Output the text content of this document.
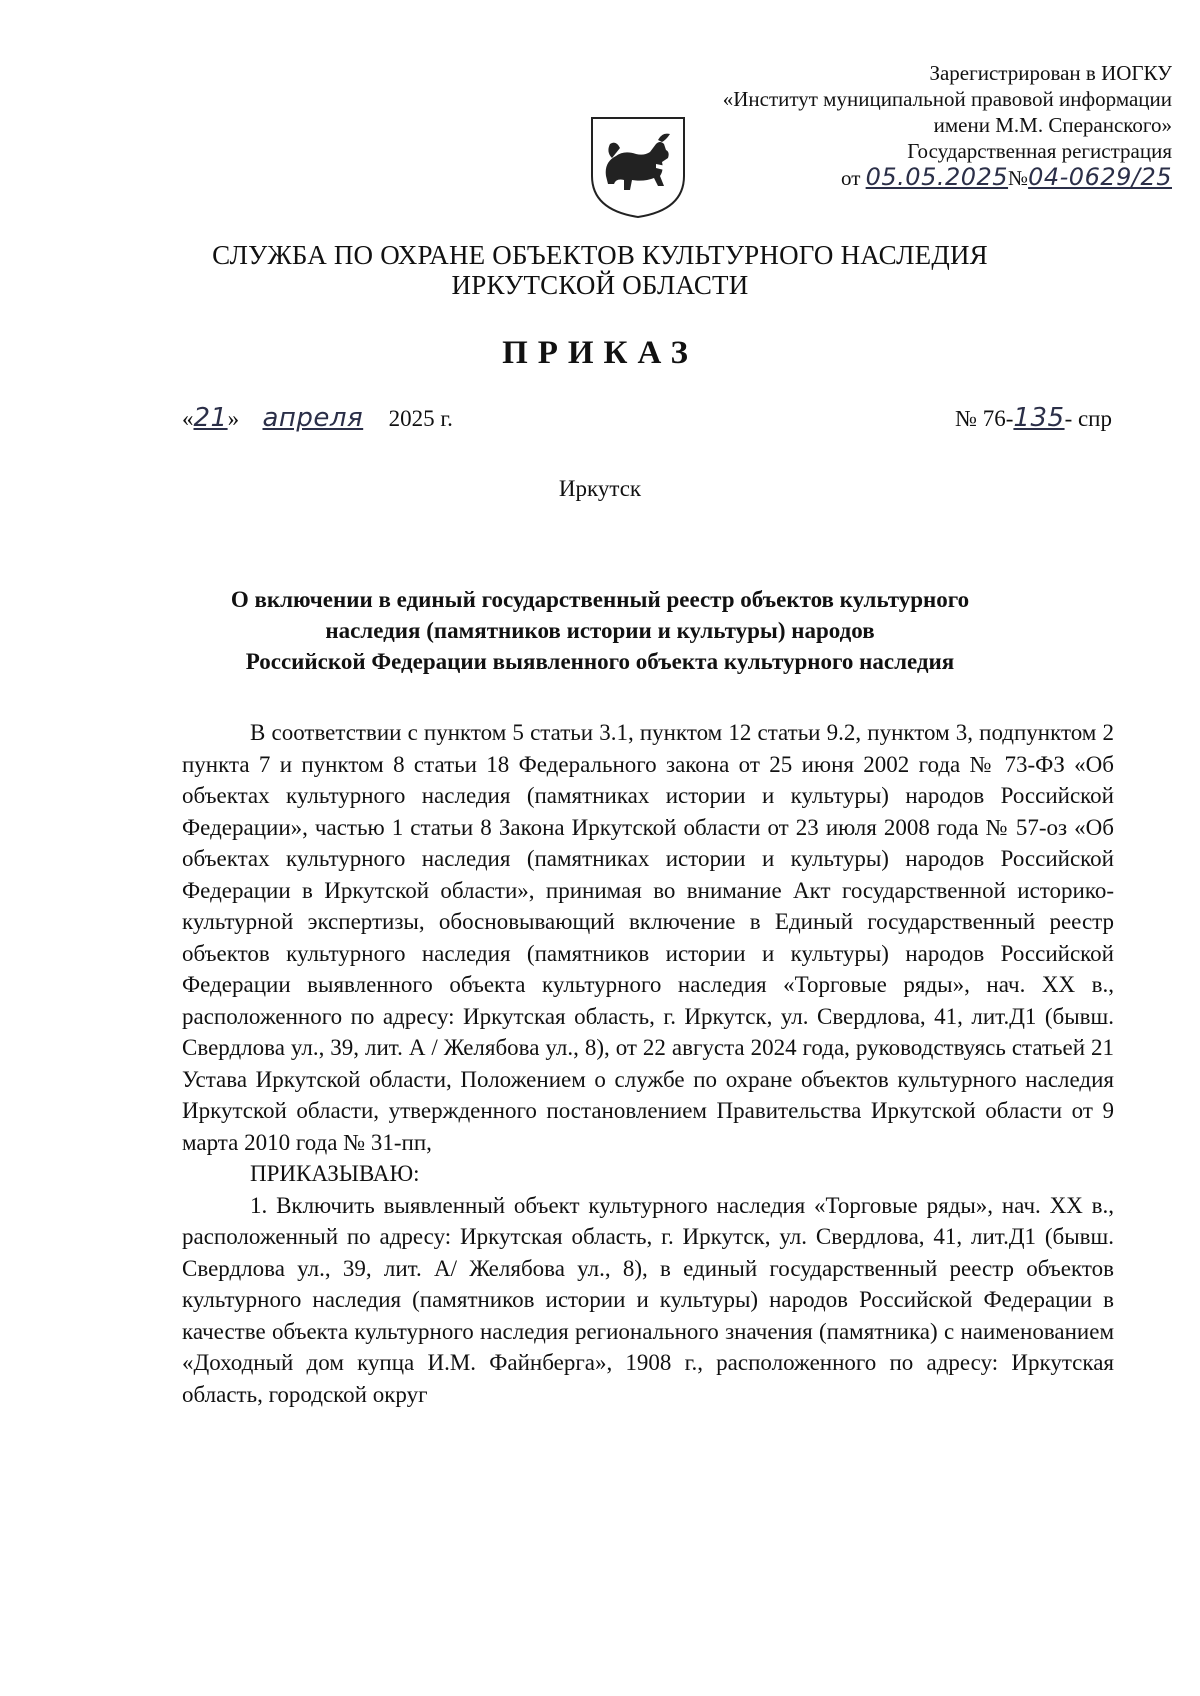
Зарегистрирован в ИОГКУ
«Институт муниципальной правовой информации
имени М.М. Сперанского»
Государственная регистрация
от 05.05.2025№04-0629/25
СЛУЖБА ПО ОХРАНЕ ОБЪЕКТОВ КУЛЬТУРНОГО НАСЛЕДИЯ
ИРКУТСКОЙ ОБЛАСТИ
ПРИКАЗ
«21» апреля 2025 г.	№ 76-135- спр
Иркутск
О включении в единый государственный реестр объектов культурного
наследия (памятников истории и культуры) народов
Российской Федерации выявленного объекта культурного наследия

В соответствии с пунктом 5 статьи 3.1, пунктом 12 статьи 9.2, пунктом 3, подпунктом 2 пункта 7 и пунктом 8 статьи 18 Федерального закона от 25 июня 2002 года № 73-ФЗ «Об объектах культурного наследия (памятниках истории и культуры) народов Российской Федерации», частью 1 статьи 8 Закона Иркутской области от 23 июля 2008 года № 57-оз «Об объектах культурного наследия (памятниках истории и культуры) народов Российской Федерации в Иркутской области», принимая во внимание Акт государственной историко-культурной экспертизы, обосновывающий включение в Единый государственный реестр объектов культурного наследия (памятников истории и культуры) народов Российской Федерации выявленного объекта культурного наследия «Торговые ряды», нач. XX в., расположенного по адресу: Иркутская область, г. Иркутск, ул. Свердлова, 41, лит.Д1 (бывш. Свердлова ул., 39, лит. А / Желябова ул., 8), от 22 августа 2024 года, руководствуясь статьей 21 Устава Иркутской области, Положением о службе по охране объектов культурного наследия Иркутской области, утвержденного постановлением Правительства Иркутской области от 9 марта 2010 года № 31-пп,

ПРИКАЗЫВАЮ:

1. Включить выявленный объект культурного наследия «Торговые ряды», нач. XX в., расположенный по адресу: Иркутская область, г. Иркутск, ул. Свердлова, 41, лит.Д1 (бывш. Свердлова ул., 39, лит. А/ Желябова ул., 8), в единый государственный реестр объектов культурного наследия (памятников истории и культуры) народов Российской Федерации в качестве объекта культурного наследия регионального значения (памятника) с наименованием «Доходный дом купца И.М. Файнберга», 1908 г., расположенного по адресу: Иркутская область, городской округ
